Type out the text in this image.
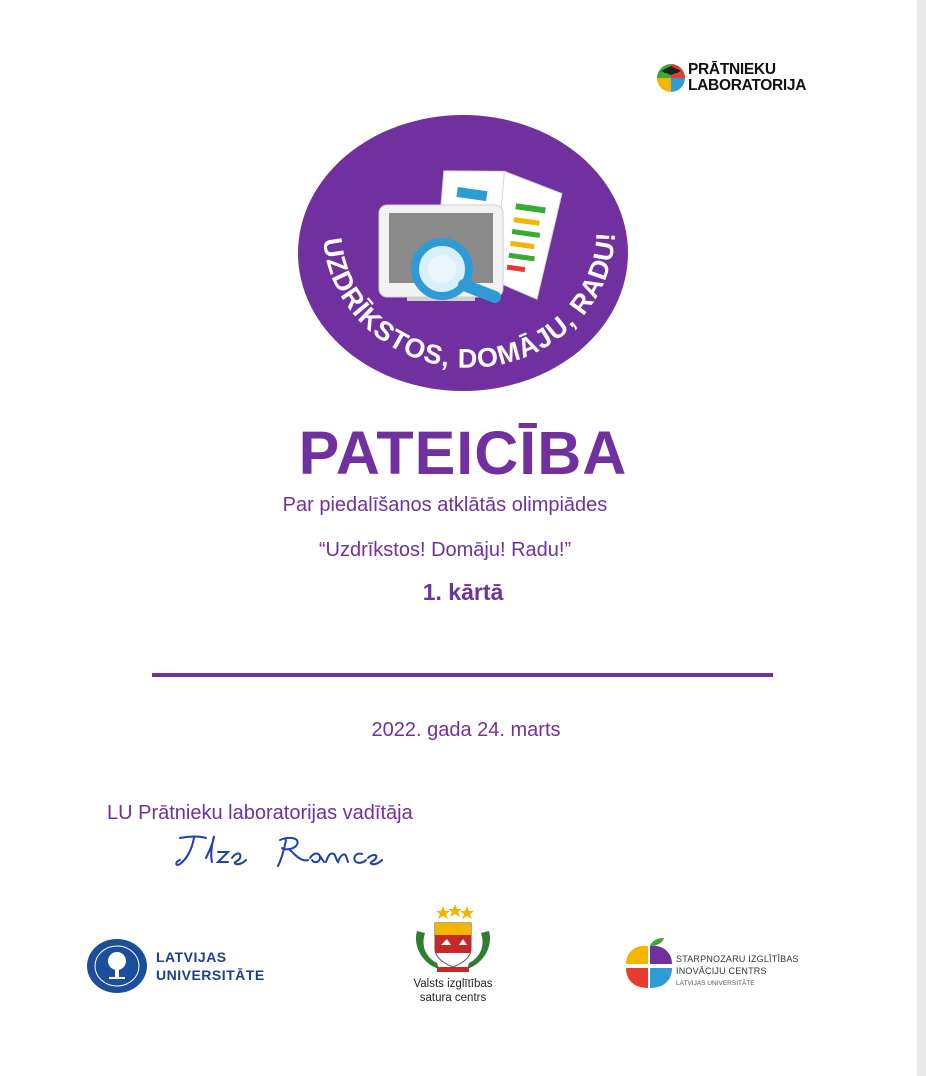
PRĀTNIEKU
LABORATORIJA
UZDRĪKSTOS, DOMĀJU, RADU!
PATEICĪBA
Par piedalīšanos atklātās olimpiādes
“Uzdrīkstos! Domāju! Radu!”
1. kārtā
2022. gada 24. marts
LU Prātnieku laboratorijas vadītāja
LATVIJAS
UNIVERSITĀTE
Valsts izglītības
satura centrs
STARPNOZARU IZGLĪTĪBAS
INOVĀCIJU CENTRS
LATVIJAS UNIVERSITĀTE
